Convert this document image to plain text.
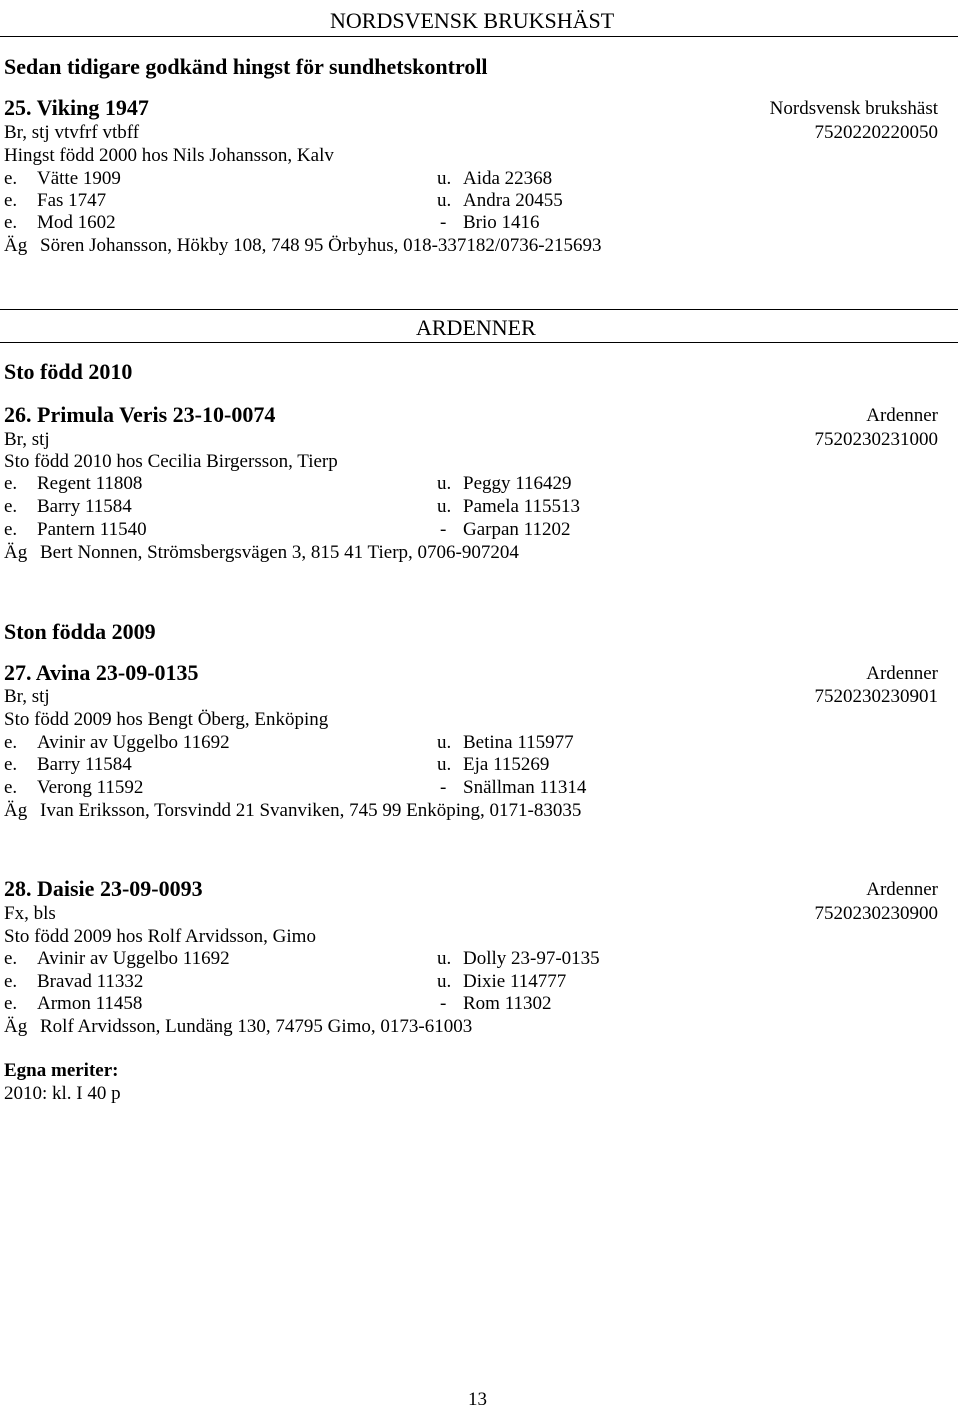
NORDSVENSK BRUKSHÄST
Sedan tidigare godkänd hingst för sundhetskontroll
25. Viking 1947	Nordsvensk brukshäst
Br, stj vtvfrf vtbff	7520220220050
Hingst född 2000 hos Nils Johansson, Kalv
e. Vätte 1909	u. Aida 22368
e. Fas 1747	u. Andra 20455
e. Mod 1602	- Brio 1416
Äg Sören Johansson, Hökby 108, 748 95 Örbyhus, 018-337182/0736-215693
ARDENNER
Sto född 2010
26. Primula Veris 23-10-0074	Ardenner
Br, stj	7520230231000
Sto född 2010 hos Cecilia Birgersson, Tierp
e. Regent 11808	u. Peggy 116429
e. Barry 11584	u. Pamela 115513
e. Pantern 11540	- Garpan 11202
Äg Bert Nonnen, Strömsbergsvägen 3, 815 41 Tierp, 0706-907204
Ston födda 2009
27. Avina 23-09-0135	Ardenner
Br, stj	7520230230901
Sto född 2009 hos Bengt Öberg, Enköping
e. Avinir av Uggelbo 11692	u. Betina 115977
e. Barry 11584	u. Eja 115269
e. Verong 11592	- Snällman 11314
Äg Ivan Eriksson, Torsvindd 21 Svanviken, 745 99 Enköping, 0171-83035
28. Daisie 23-09-0093	Ardenner
Fx, bls	7520230230900
Sto född 2009 hos Rolf Arvidsson, Gimo
e. Avinir av Uggelbo 11692	u. Dolly 23-97-0135
e. Bravad 11332	u. Dixie 114777
e. Armon 11458	- Rom 11302
Äg Rolf Arvidsson, Lundäng 130, 74795 Gimo, 0173-61003
Egna meriter:
2010: kl. I 40 p
13
